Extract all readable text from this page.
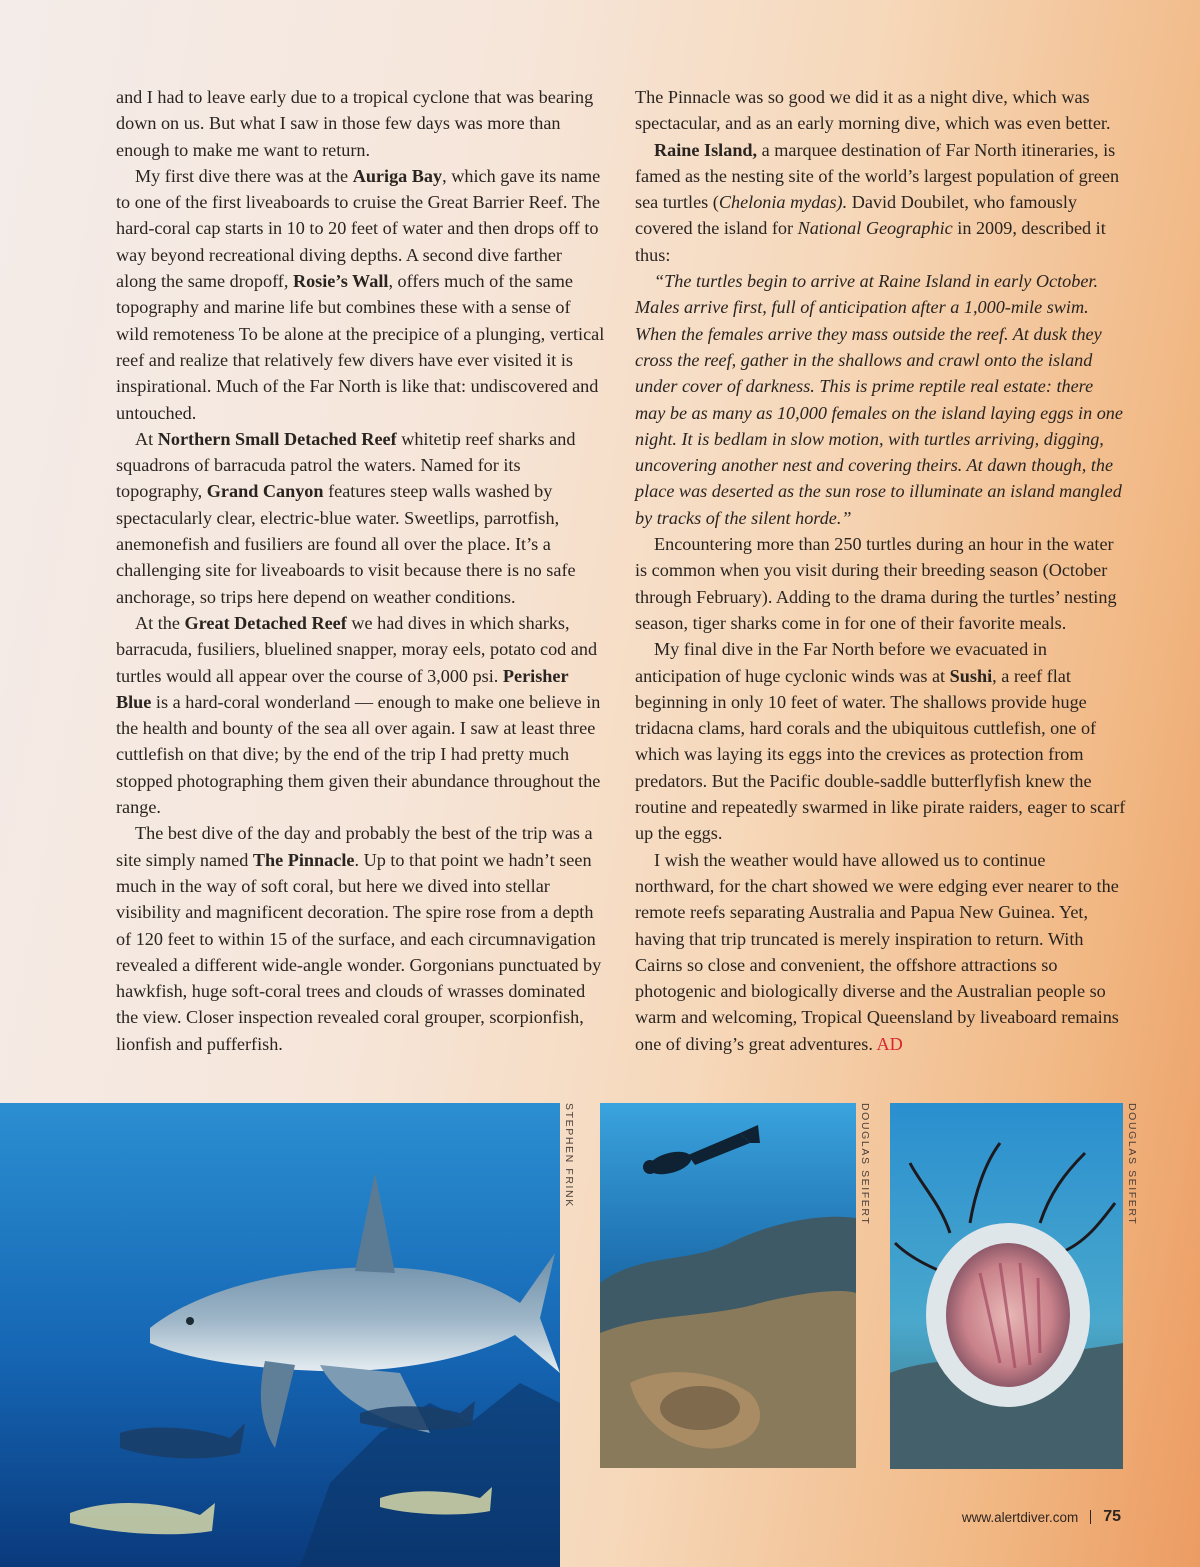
and I had to leave early due to a tropical cyclone that was bearing down on us. But what I saw in those few days was more than enough to make me want to return.

My first dive there was at the Auriga Bay, which gave its name to one of the first liveaboards to cruise the Great Barrier Reef. The hard-coral cap starts in 10 to 20 feet of water and then drops off to way beyond recreational diving depths. A second dive farther along the same dropoff, Rosie’s Wall, offers much of the same topography and marine life but combines these with a sense of wild remoteness To be alone at the precipice of a plunging, vertical reef and realize that relatively few divers have ever visited it is inspirational. Much of the Far North is like that: undiscovered and untouched.

At Northern Small Detached Reef whitetip reef sharks and squadrons of barracuda patrol the waters. Named for its topography, Grand Canyon features steep walls washed by spectacularly clear, electric-blue water. Sweetlips, parrotfish, anemonefish and fusiliers are found all over the place. It’s a challenging site for liveaboards to visit because there is no safe anchorage, so trips here depend on weather conditions.

At the Great Detached Reef we had dives in which sharks, barracuda, fusiliers, bluelined snapper, moray eels, potato cod and turtles would all appear over the course of 3,000 psi. Perisher Blue is a hard-coral wonderland — enough to make one believe in the health and bounty of the sea all over again. I saw at least three cuttlefish on that dive; by the end of the trip I had pretty much stopped photographing them given their abundance throughout the range.

The best dive of the day and probably the best of the trip was a site simply named The Pinnacle. Up to that point we hadn’t seen much in the way of soft coral, but here we dived into stellar visibility and magnificent decoration. The spire rose from a depth of 120 feet to within 15 of the surface, and each circumnavigation revealed a different wide-angle wonder. Gorgonians punctuated by hawkfish, huge soft-coral trees and clouds of wrasses dominated the view. Closer inspection revealed coral grouper, scorpionfish, lionfish and pufferfish.

The Pinnacle was so good we did it as a night dive, which was spectacular, and as an early morning dive, which was even better.

Raine Island, a marquee destination of Far North itineraries, is famed as the nesting site of the world’s largest population of green sea turtles (Chelonia mydas). David Doubilet, who famously covered the island for National Geographic in 2009, described it thus:

“The turtles begin to arrive at Raine Island in early October. Males arrive first, full of anticipation after a 1,000-mile swim. When the females arrive they mass outside the reef. At dusk they cross the reef, gather in the shallows and crawl onto the island under cover of darkness. This is prime reptile real estate: there may be as many as 10,000 females on the island laying eggs in one night. It is bedlam in slow motion, with turtles arriving, digging, uncovering another nest and covering theirs. At dawn though, the place was deserted as the sun rose to illuminate an island mangled by tracks of the silent horde.”

Encountering more than 250 turtles during an hour in the water is common when you visit during their breeding season (October through February). Adding to the drama during the turtles’ nesting season, tiger sharks come in for one of their favorite meals.

My final dive in the Far North before we evacuated in anticipation of huge cyclonic winds was at Sushi, a reef flat beginning in only 10 feet of water. The shallows provide huge tridacna clams, hard corals and the ubiquitous cuttlefish, one of which was laying its eggs into the crevices as protection from predators. But the Pacific double-saddle butterflyfish knew the routine and repeatedly swarmed in like pirate raiders, eager to scarf up the eggs.

I wish the weather would have allowed us to continue northward, for the chart showed we were edging ever nearer to the remote reefs separating Australia and Papua New Guinea. Yet, having that trip truncated is merely inspiration to return. With Cairns so close and convenient, the offshore attractions so photogenic and biologically diverse and the Australian people so warm and welcoming, Tropical Queensland by liveaboard remains one of diving’s great adventures. AD

STEPHEN FRINK	DOUGLAS SEIFERT	DOUGLAS SEIFERT
www.alertdiver.com 75
